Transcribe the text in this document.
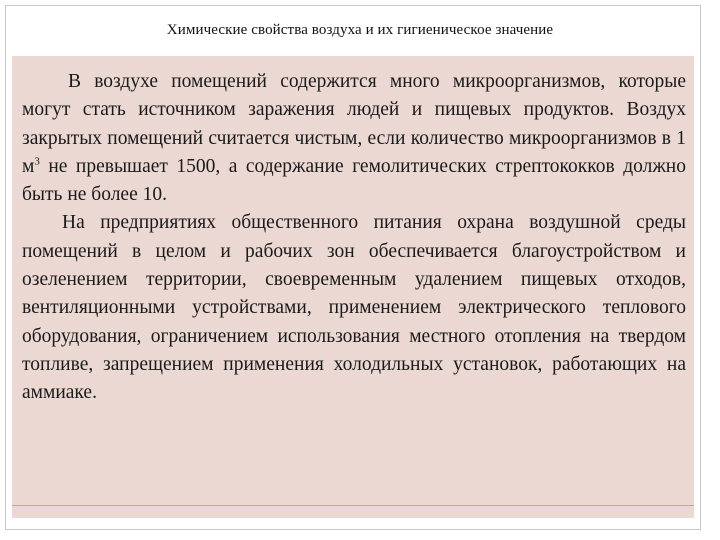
Химические свойства воздуха и их гигиеническое значение

В воздухе помещений содержится много микроорганизмов, которые могут стать источником заражения людей и пищевых продуктов. Воздух закрытых помещений считается чистым, если количество микроорганизмов в 1 $м^3$ не превышает 1500, а содержание гемолитических стрептококков должно быть не более 10.

На предприятиях общественного питания охрана воздушной среды помещений в целом и рабочих зон обеспечивается благоустройством и озеленением территории, своевременным удалением пищевых отходов, вентиляционными устройствами, применением электрического теплового оборудования, ограничением использования местного отопления на твердом топливе, запрещением применения холодильных установок, работающих на аммиаке.
